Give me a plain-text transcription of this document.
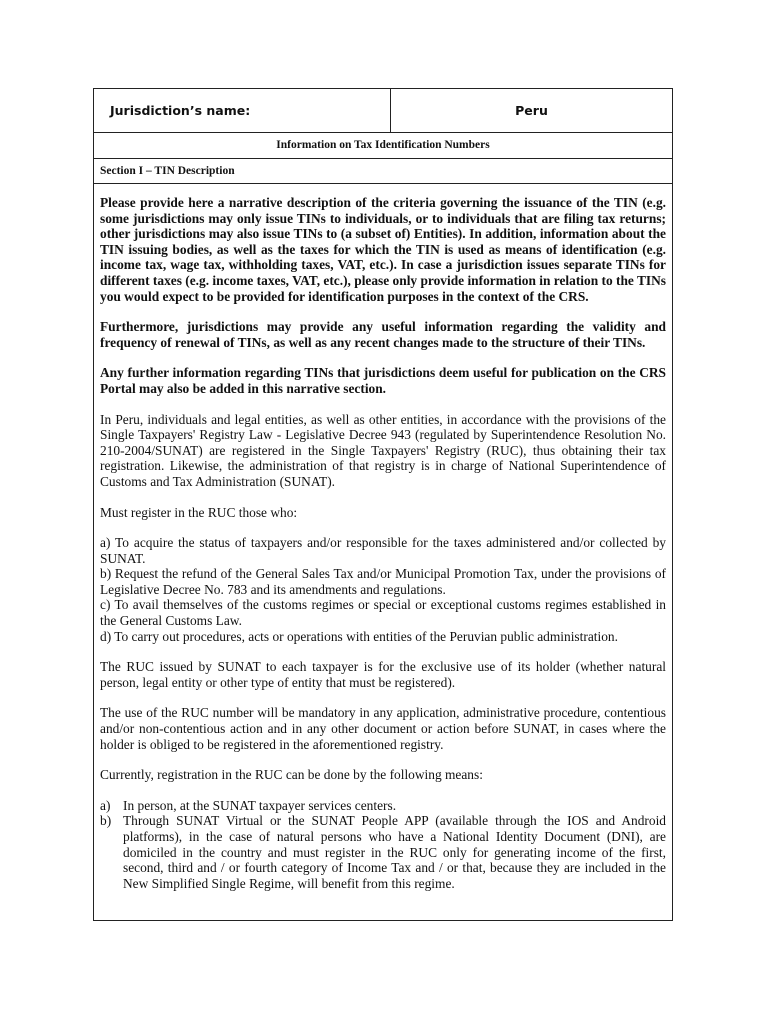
Jurisdiction’s name:	Peru
Information on Tax Identification Numbers
Section I – TIN Description

Please provide here a narrative description of the criteria governing the issuance of the TIN (e.g. some jurisdictions may only issue TINs to individuals, or to individuals that are filing tax returns; other jurisdictions may also issue TINs to (a subset of) Entities). In addition, information about the TIN issuing bodies, as well as the taxes for which the TIN is used as means of identification (e.g. income tax, wage tax, withholding taxes, VAT, etc.). In case a jurisdiction issues separate TINs for different taxes (e.g. income taxes, VAT, etc.), please only provide information in relation to the TINs you would expect to be provided for identification purposes in the context of the CRS.

Furthermore, jurisdictions may provide any useful information regarding the validity and frequency of renewal of TINs, as well as any recent changes made to the structure of their TINs.

Any further information regarding TINs that jurisdictions deem useful for publication on the CRS Portal may also be added in this narrative section.

In Peru, individuals and legal entities, as well as other entities, in accordance with the provisions of the Single Taxpayers' Registry Law - Legislative Decree 943 (regulated by Superintendence Resolution No. 210-2004/SUNAT) are registered in the Single Taxpayers' Registry (RUC), thus obtaining their tax registration. Likewise, the administration of that registry is in charge of National Superintendence of Customs and Tax Administration (SUNAT).

Must register in the RUC those who:

a) To acquire the status of taxpayers and/or responsible for the taxes administered and/or collected by SUNAT.

b) Request the refund of the General Sales Tax and/or Municipal Promotion Tax, under the provisions of Legislative Decree No. 783 and its amendments and regulations.

c) To avail themselves of the customs regimes or special or exceptional customs regimes established in the General Customs Law.

d) To carry out procedures, acts or operations with entities of the Peruvian public administration.

The RUC issued by SUNAT to each taxpayer is for the exclusive use of its holder (whether natural person, legal entity or other type of entity that must be registered).

The use of the RUC number will be mandatory in any application, administrative procedure, contentious and/or non-contentious action and in any other document or action before SUNAT, in cases where the holder is obliged to be registered in the aforementioned registry.

Currently, registration in the RUC can be done by the following means:

a) In person, at the SUNAT taxpayer services centers.
b) Through SUNAT Virtual or the SUNAT People APP (available through the IOS and Android platforms), in the case of natural persons who have a National Identity Document (DNI), are domiciled in the country and must register in the RUC only for generating income of the first, second, third and / or fourth category of Income Tax and / or that, because they are included in the New Simplified Single Regime, will benefit from this regime.
